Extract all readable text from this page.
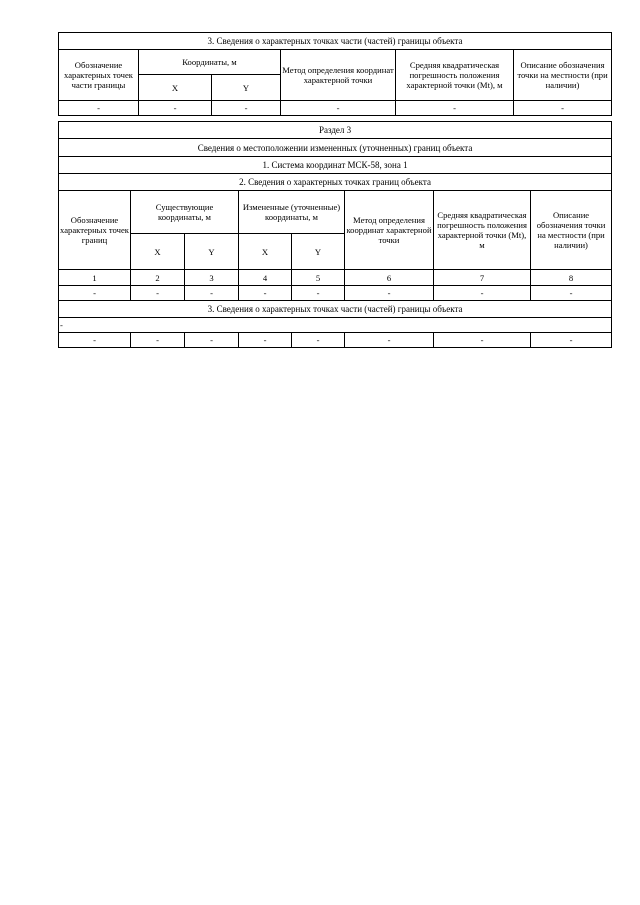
3. Сведения о характерных точках части (частей) границы объекта					
Обозначение характерных точек части границы	Координаты, м		Метод определения координат характерной точки	Средняя квадратическая погрешность положения характерной точки (Mt), м	Описание обозначения точки на местности (при наличии)
	X	Y			
-	-	-	-	-	-
Раздел 3							
Сведения о местоположении измененных (уточненных) границ объекта							
1. Система координат МСК-58, зона 1							
2. Сведения о характерных точках границ объекта							
Обозначение характерных точек границ	Существующие координаты, м		Измененные (уточненные) координаты, м		Метод определения координат характерной точки	Средняя квадратическая погрешность положения характерной точки (Mt), м	Описание обозначения точки на местности (при наличии)
	X	Y	X	Y			
1	2	3	4	5	6	7	8
-	-	-	-	-	-	-	-
3. Сведения о характерных точках части (частей) границы объекта							
-							
-	-	-	-	-	-	-	-
